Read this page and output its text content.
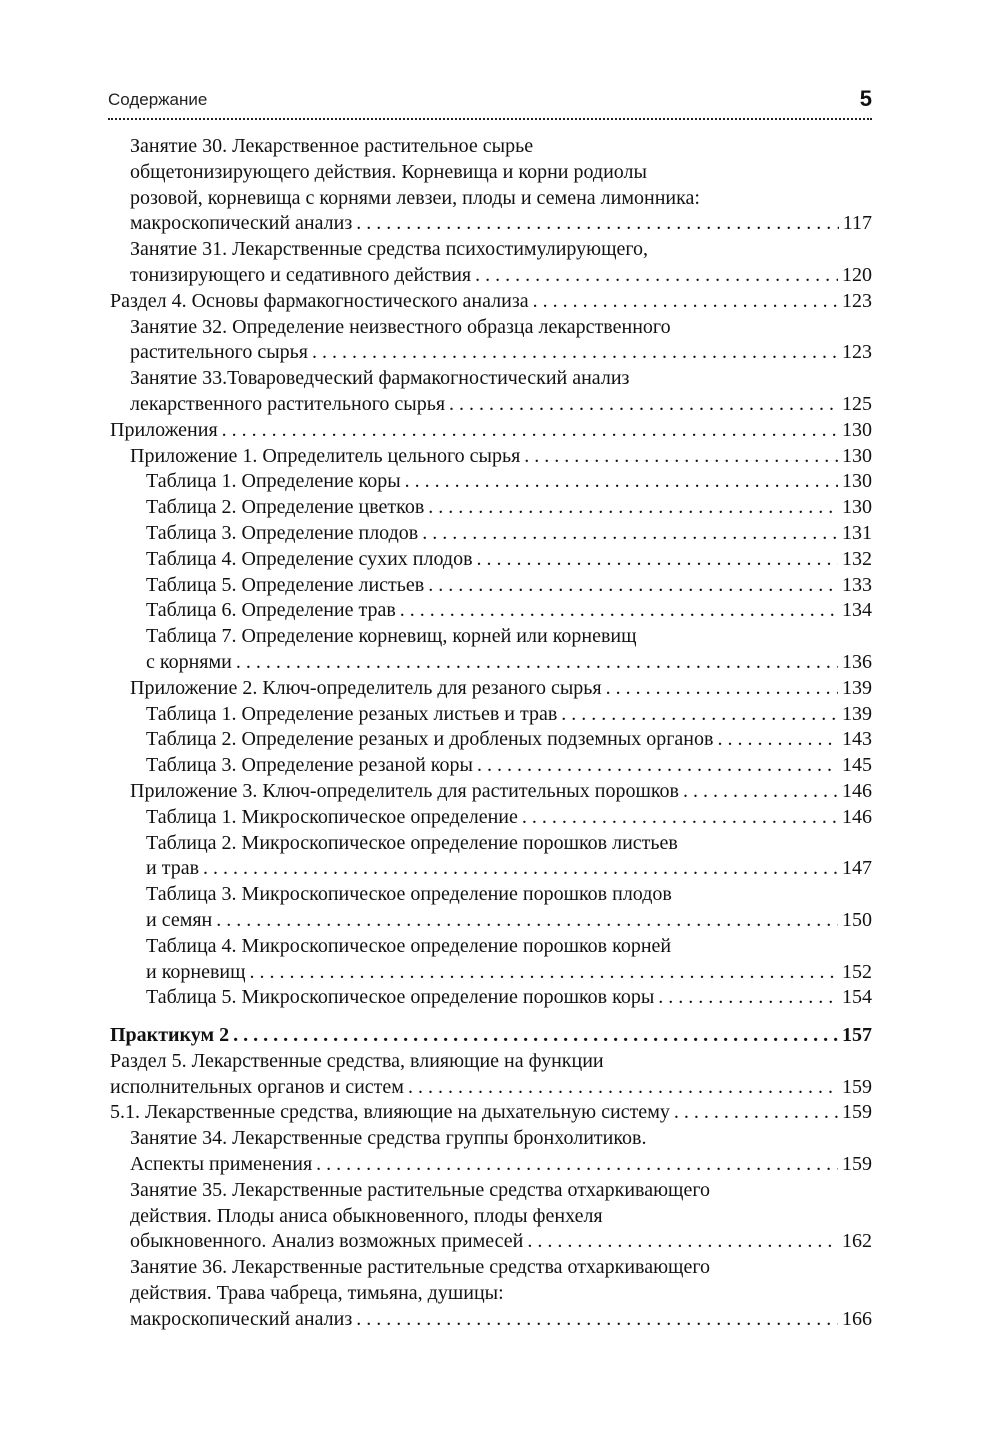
Содержание	5
Занятие 30. Лекарственное растительное сырье
общетонизирующего действия. Корневища и корни родиолы
розовой, корневища с корнями левзеи, плоды и семена лимонника:
макроскопический анализ . . .	117
Занятие 31. Лекарственные средства психостимулирующего,
тонизирующего и седативного действия . . .	120
Раздел 4. Основы фармакогностического анализа . . .	123
Занятие 32. Определение неизвестного образца лекарственного
растительного сырья . . .	123
Занятие 33.Товароведческий фармакогностический анализ
лекарственного растительного сырья . . .	125
Приложения . . .	130
Приложение 1. Определитель цельного сырья . . .	130
Таблица 1. Определение коры . . .	130
Таблица 2. Определение цветков . . .	130
Таблица 3. Определение плодов . . .	131
Таблица 4. Определение сухих плодов . . .	132
Таблица 5. Определение листьев . . .	133
Таблица 6. Определение трав . . .	134
Таблица 7. Определение корневищ, корней или корневищ
с корнями . . .	136
Приложение 2. Ключ-определитель для резаного сырья . . .	139
Таблица 1. Определение резаных листьев и трав . . .	139
Таблица 2. Определение резаных и дробленых подземных органов . . .	143
Таблица 3. Определение резаной коры . . .	145
Приложение 3. Ключ-определитель для растительных порошков . . .	146
Таблица 1. Микроскопическое определение . . .	146
Таблица 2. Микроскопическое определение порошков листьев
и трав . . .	147
Таблица 3. Микроскопическое определение порошков плодов
и семян . . .	150
Таблица 4. Микроскопическое определение порошков корней
и корневищ . . .	152
Таблица 5. Микроскопическое определение порошков коры . . .	154
Практикум 2 . . .	157
Раздел 5. Лекарственные средства, влияющие на функции
исполнительных органов и систем . . .	159
5.1. Лекарственные средства, влияющие на дыхательную систему . . .	159
Занятие 34. Лекарственные средства группы бронхолитиков.
Аспекты применения . . .	159
Занятие 35. Лекарственные растительные средства отхаркивающего
действия. Плоды аниса обыкновенного, плоды фенхеля
обыкновенного. Анализ возможных примесей . . .	162
Занятие 36. Лекарственные растительные средства отхаркивающего
действия. Трава чабреца, тимьяна, душицы:
макроскопический анализ . . .	166
